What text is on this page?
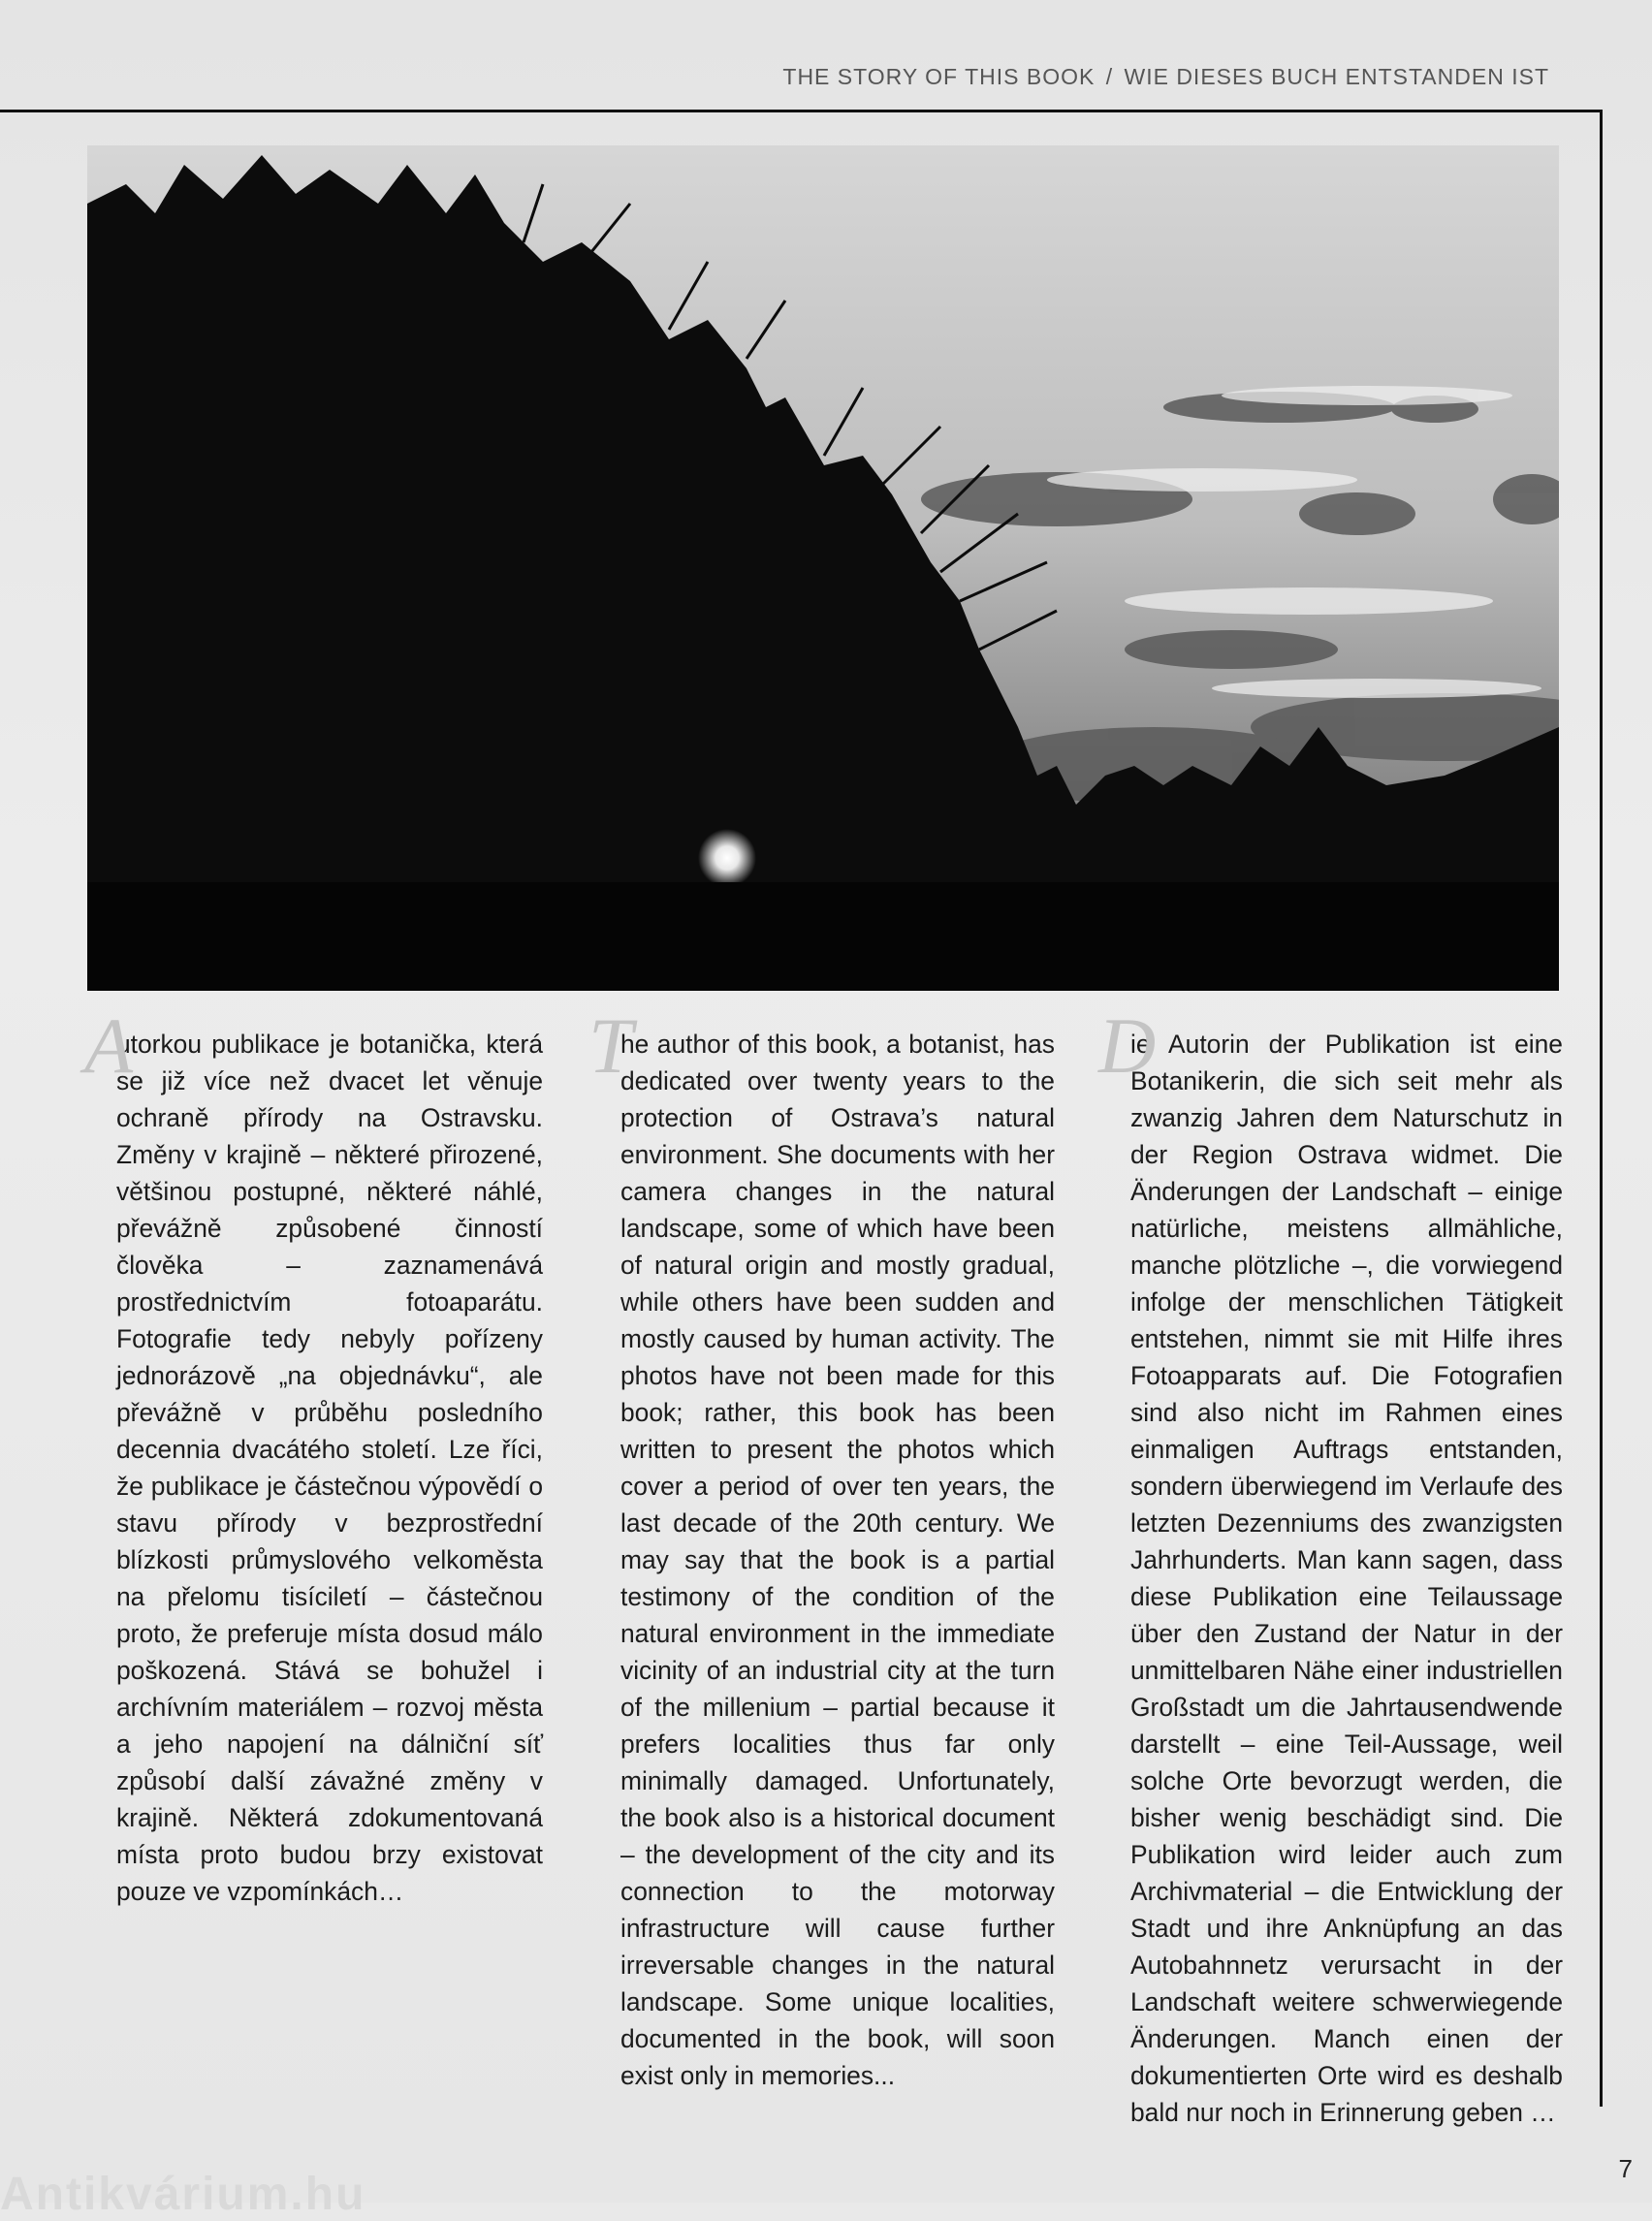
THE STORY OF THIS BOOK / WIE DIESES BUCH ENTSTANDEN IST
A

utorkou publikace je botanička, která se již více než dvacet let věnuje ochraně přírody na Ostravsku. Změny v krajině – některé přirozené, většinou postupné, některé náhlé, převážně způsobené činností člověka – zaznamenává prostřednictvím fotoaparátu. Fotografie tedy nebyly pořízeny jednorázově „na objednávku“, ale převážně v průběhu posledního decennia dvacátého století. Lze říci, že publikace je částečnou výpovědí o stavu přírody v bezprostřední blízkosti průmyslového velkoměsta na přelomu tisíciletí – částečnou proto, že preferuje místa dosud málo poškozená. Stává se bohužel i archívním materiálem – rozvoj města a jeho napojení na dálniční síť způsobí další závažné změny v krajině. Některá zdokumentovaná místa proto budou brzy existovat pouze ve vzpomínkách…

T

he author of this book, a botanist, has dedicated over twenty years to the protection of Ostrava’s natural environment. She documents with her camera changes in the natural landscape, some of which have been of natural origin and mostly gradual, while others have been sudden and mostly caused by human activity. The photos have not been made for this book; rather, this book has been written to present the photos which cover a period of over ten years, the last decade of the 20th century. We may say that the book is a partial testimony of the condition of the natural environment in the immediate vicinity of an industrial city at the turn of the millenium – partial because it prefers localities thus far only minimally damaged. Unfortunately, the book also is a historical document – the development of the city and its connection to the motorway infrastructure will cause further irreversable changes in the natural landscape. Some unique localities, documented in the book, will soon exist only in memories...

D

ie Autorin der Publikation ist eine Botanikerin, die sich seit mehr als zwanzig Jahren dem Naturschutz in der Region Ostrava widmet. Die Änderungen der Landschaft – einige natürliche, meistens allmähliche, manche plötzliche –, die vorwiegend infolge der menschlichen Tätigkeit entstehen, nimmt sie mit Hilfe ihres Fotoapparats auf. Die Fotografien sind also nicht im Rahmen eines einmaligen Auftrags entstanden, sondern überwiegend im Verlaufe des letzten Dezenniums des zwanzigsten Jahrhunderts. Man kann sagen, dass diese Publikation eine Teilaussage über den Zustand der Natur in der unmittelbaren Nähe einer industriellen Großstadt um die Jahrtausendwende darstellt – eine Teil-Aussage, weil solche Orte bevorzugt werden, die bisher wenig beschädigt sind. Die Publikation wird leider auch zum Archivmaterial – die Entwicklung der Stadt und ihre Anknüpfung an das Autobahnnetz verursacht in der Landschaft weitere schwerwiegende Änderungen. Manch einen der dokumentierten Orte wird es deshalb bald nur noch in Erinnerung geben …

7
Antikvárium.hu
